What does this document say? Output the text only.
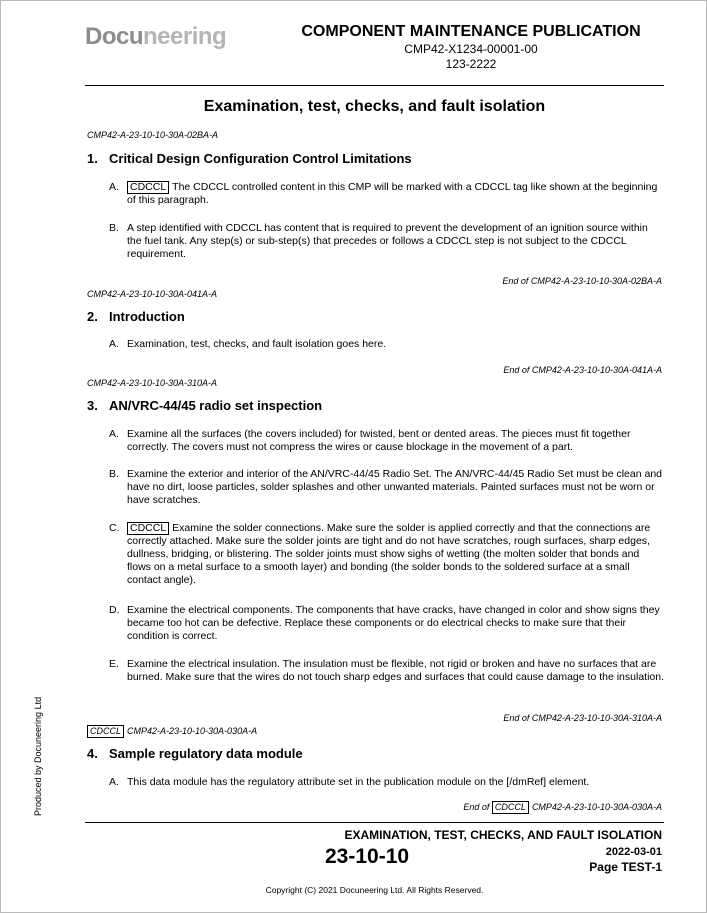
Docuneering	COMPONENT MAINTENANCE PUBLICATION
CMP42-X1234-00001-00
123-2222
Examination, test, checks, and fault isolation
CMP42-A-23-10-10-30A-02BA-A
1. Critical Design Configuration Control Limitations
A.	CDCCL The CDCCL controlled content in this CMP will be marked with a CDCCL tag like shown at the beginning of this paragraph.
B. A step identified with CDCCL has content that is required to prevent the development of an ignition source within the fuel tank. Any step(s) or sub-step(s) that precedes or follows a CDCCL step is not subject to the CDCCL requirement.
End of CMP42-A-23-10-10-30A-02BA-A
CMP42-A-23-10-10-30A-041A-A
2. Introduction
A. Examination, test, checks, and fault isolation goes here.
End of CMP42-A-23-10-10-30A-041A-A
CMP42-A-23-10-10-30A-310A-A
3. AN/VRC-44/45 radio set inspection
A. Examine all the surfaces (the covers included) for twisted, bent or dented areas. The pieces must fit together correctly. The covers must not compress the wires or cause blockage in the movement of a part.
B. Examine the exterior and interior of the AN/VRC-44/45 Radio Set. The AN/VRC-44/45 Radio Set must be clean and have no dirt, loose particles, solder splashes and other unwanted materials. Painted surfaces must not be worn or have scratches.
C.	CDCCL Examine the solder connections. Make sure the solder is applied correctly and that the connections are correctly attached. Make sure the solder joints are tight and do not have scratches, rough surfaces, sharp edges, dullness, bridging, or blistering. The solder joints must show sighs of wetting (the molten solder that bonds and flows on a metal surface to a smooth layer) and bonding (the solder bonds to the soldered surface at a small contact angle).
D. Examine the electrical components. The components that have cracks, have changed in color and show signs they became too hot can be defective. Replace these components or do electrical checks to make sure that their condition is correct.
E. Examine the electrical insulation. The insulation must be flexible, not rigid or broken and have no surfaces that are burned. Make sure that the wires do not touch sharp edges and surfaces that could cause damage to the insulation.
End of CMP42-A-23-10-10-30A-310A-A
CDCCL CMP42-A-23-10-10-30A-030A-A
4. Sample regulatory data module
A. This data module has the regulatory attribute set in the publication module on the [/dmRef] element.
End of CDCCL CMP42-A-23-10-10-30A-030A-A
Produced by Docuneering Ltd
EXAMINATION, TEST, CHECKS, AND FAULT ISOLATION
23-10-10	2022-03-01
Page TEST-1
Copyright (C) 2021 Docuneering Ltd. All Rights Reserved.
